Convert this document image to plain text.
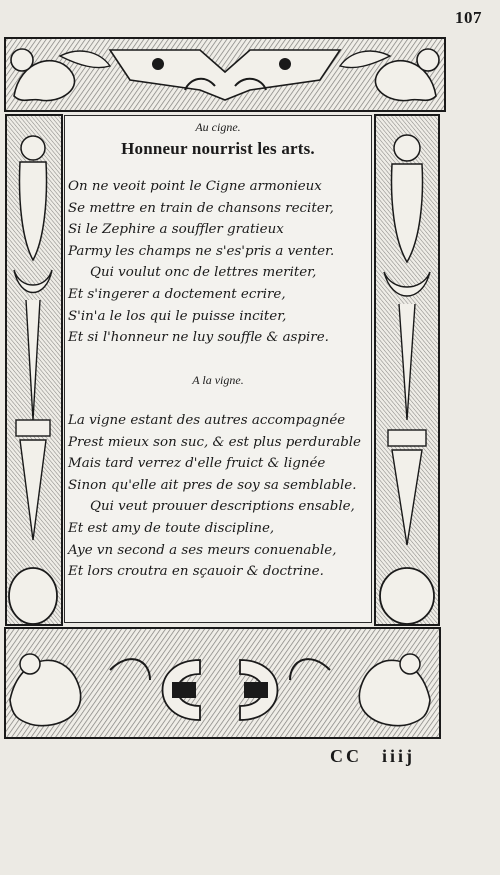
107
Au cigne.
Honneur nourrist les arts.
On ne veoit point le Cigne armonieux
Se mettre en train de chansons reciter,
Si le Zephire a souffler gratieux
Parmy les champs ne s'es'pris a venter.
Qui voulut onc de lettres meriter,
Et s'ingerer a doctement ecrire,
S'in'a le los qui le puisse inciter,
Et si l'honneur ne luy souffle & aspire.
A la vigne.
La vigne estant des autres accompagnée
Prest mieux son suc, & est plus perdurable
Mais tard verrez d'elle fruict & lignée
Sinon qu'elle ait pres de soy sa semblable.
Qui veut prouuer descriptions ensable,
Et est amy de toute discipline,
Aye vn second a ses meurs conuenable,
Et lors croutra en sçauoir & doctrine.
CC iiij
